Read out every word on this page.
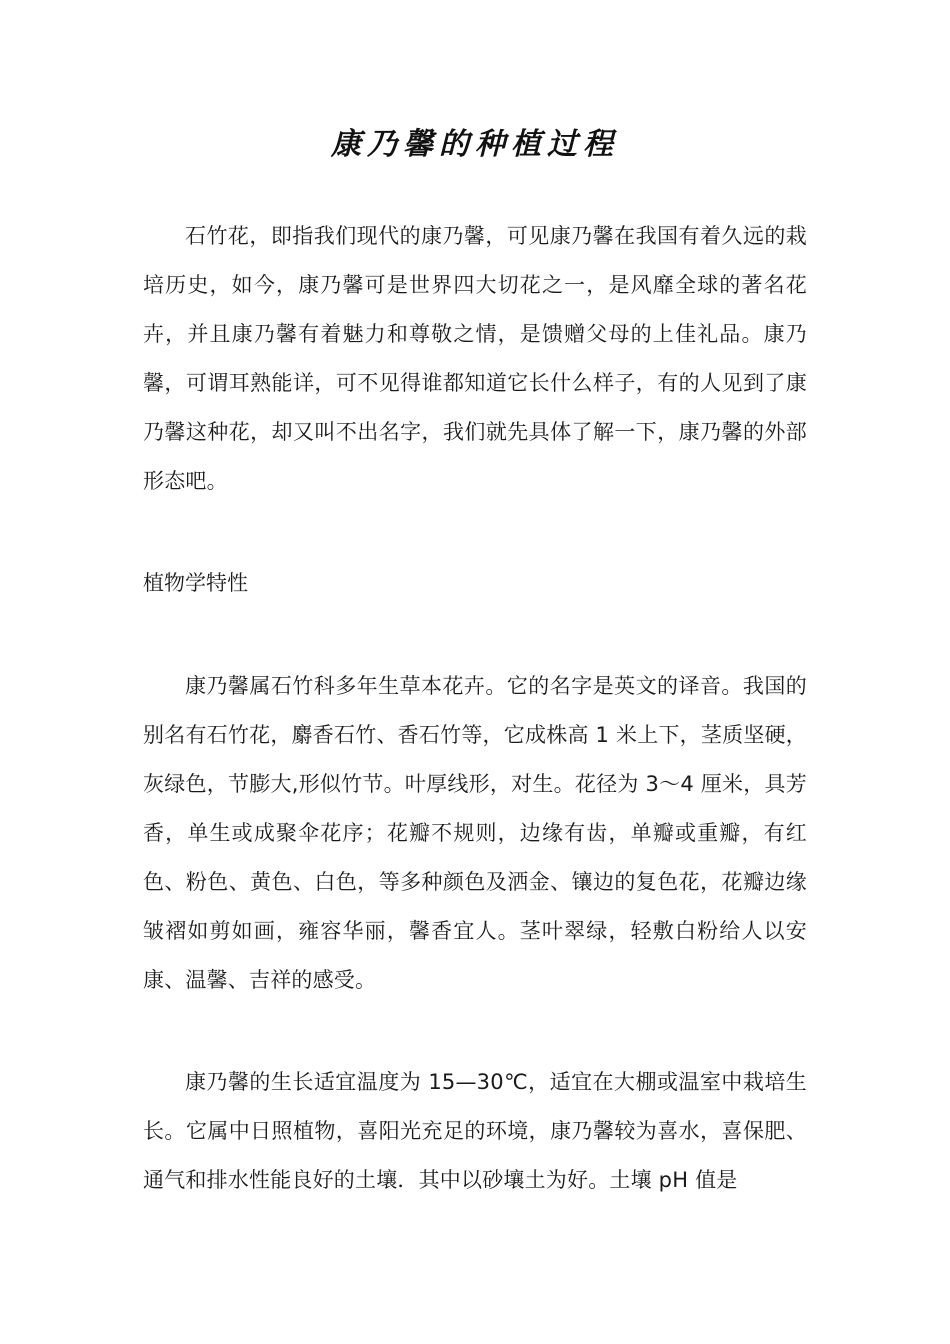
康乃馨的种植过程

石竹花，即指我们现代的康乃馨，可见康乃馨在我国有着久远的栽培历史，如今，康乃馨可是世界四大切花之一，是风靡全球的著名花卉，并且康乃馨有着魅力和尊敬之情，是馈赠父母的上佳礼品。康乃馨，可谓耳熟能详，可不见得谁都知道它长什么样子，有的人见到了康乃馨这种花，却又叫不出名字，我们就先具体了解一下，康乃馨的外部形态吧。

植物学特性

康乃馨属石竹科多年生草本花卉。它的名字是英文的译音。我国的别名有石竹花，麝香石竹、香石竹等，它成株高 1 米上下，茎质坚硬，灰绿色，节膨大,形似竹节。叶厚线形，对生。花径为 3～4 厘米，具芳香，单生或成聚伞花序；花瓣不规则，边缘有齿，单瓣或重瓣，有红色、粉色、黄色、白色，等多种颜色及洒金、镶边的复色花，花瓣边缘皱褶如剪如画，雍容华丽，馨香宜人。茎叶翠绿，轻敷白粉给人以安康、温馨、吉祥的感受。

康乃馨的生长适宜温度为 15—30℃，适宜在大棚或温室中栽培生长。它属中日照植物，喜阳光充足的环境，康乃馨较为喜水，喜保肥、通气和排水性能良好的土壤．其中以砂壤土为好。土壤 pH 值是
